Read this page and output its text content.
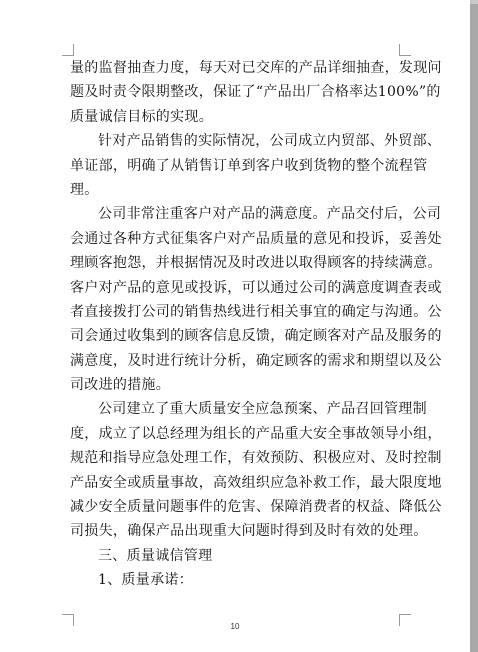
量的监督抽查力度，每天对已交库的产品详细抽查，发现问
题及时责令限期整改，保证了“产品出厂合格率达100%”的
质量诚信目标的实现。
针对产品销售的实际情况，公司成立内贸部、外贸部、
单证部，明确了从销售订单到客户收到货物的整个流程管
理。
公司非常注重客户对产品的满意度。产品交付后，公司
会通过各种方式征集客户对产品质量的意见和投诉，妥善处
理顾客抱怨，并根据情况及时改进以取得顾客的持续满意。
客户对产品的意见或投诉，可以通过公司的满意度调查表或
者直接拨打公司的销售热线进行相关事宜的确定与沟通。公
司会通过收集到的顾客信息反馈，确定顾客对产品及服务的
满意度，及时进行统计分析，确定顾客的需求和期望以及公
司改进的措施。
公司建立了重大质量安全应急预案、产品召回管理制
度，成立了以总经理为组长的产品重大安全事故领导小组，
规范和指导应急处理工作，有效预防、积极应对、及时控制
产品安全或质量事故，高效组织应急补救工作，最大限度地
减少安全质量问题事件的危害、保障消费者的权益、降低公
司损失，确保产品出现重大问题时得到及时有效的处理。
三、质量诚信管理
1、质量承诺：
10
